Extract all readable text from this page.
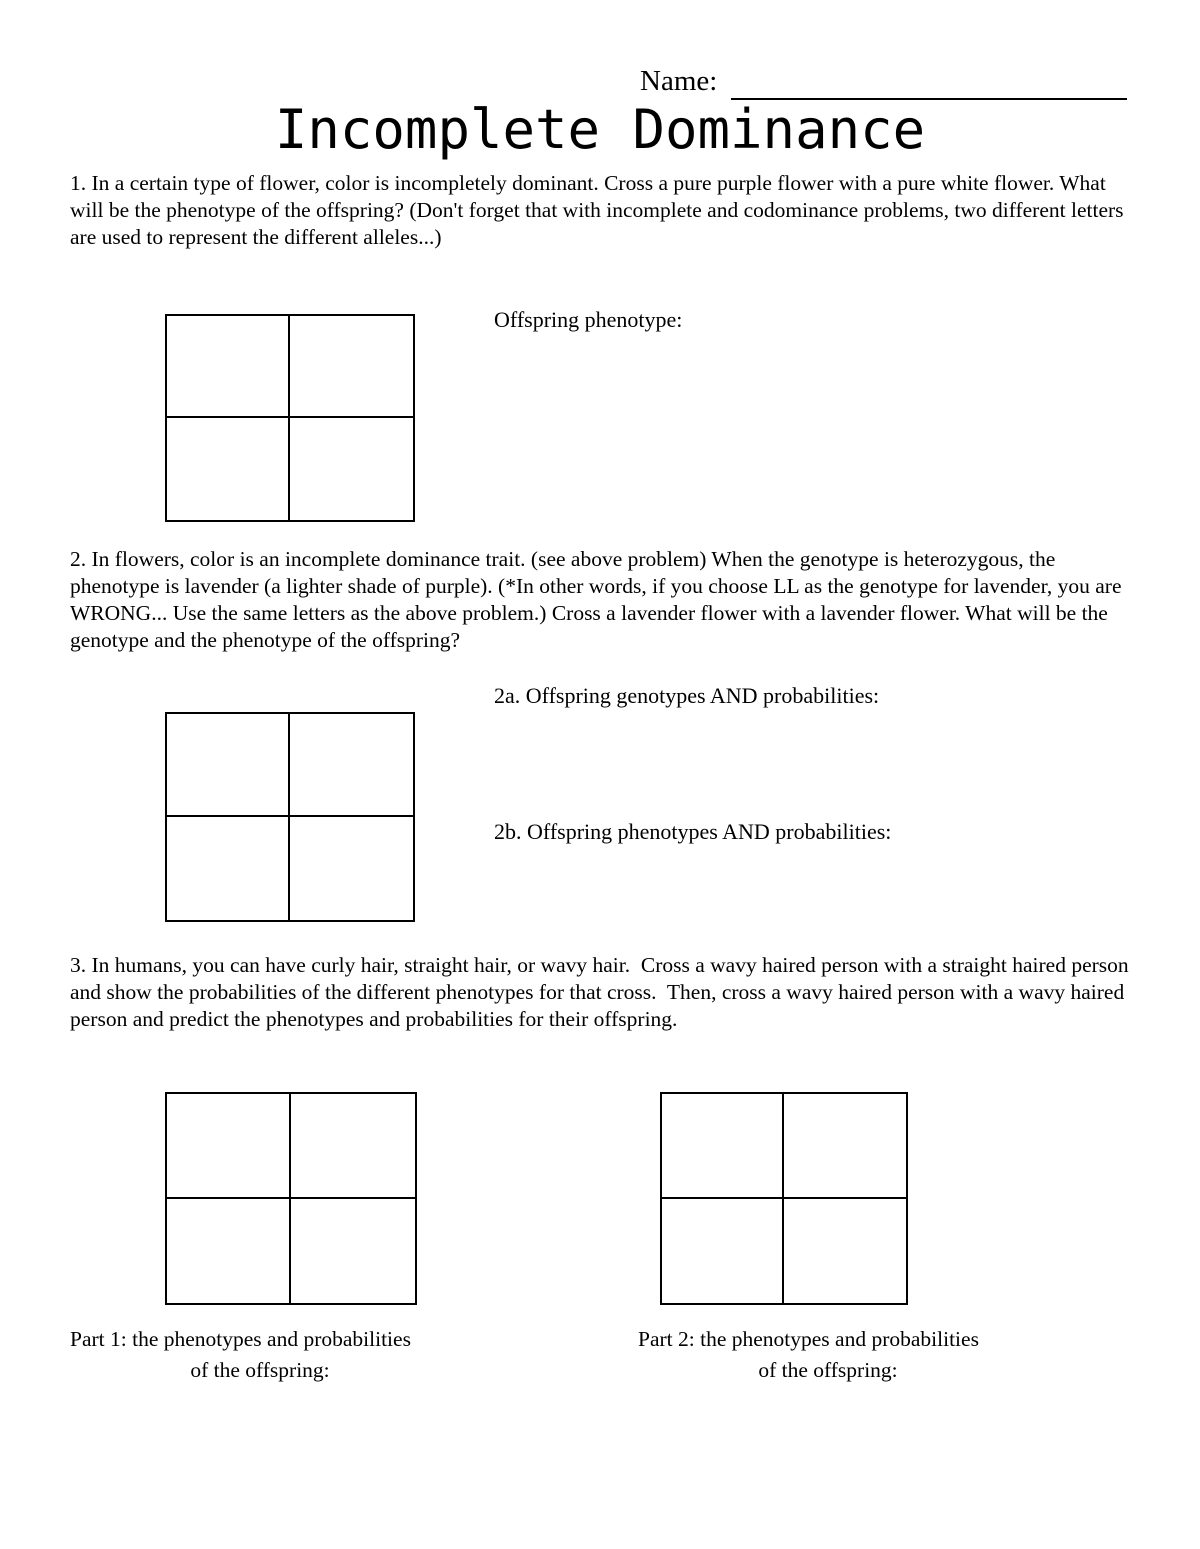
Name:
Incomplete Dominance
1. In a certain type of flower, color is incompletely dominant. Cross a pure purple flower with a pure white flower. What will be the phenotype of the offspring? (Don't forget that with incomplete and codominance problems, two different letters are used to represent the different alleles...)
Offspring phenotype:
2. In flowers, color is an incomplete dominance trait. (see above problem) When the genotype is heterozygous, the phenotype is lavender (a lighter shade of purple). (*In other words, if you choose LL as the genotype for lavender, you are WRONG... Use the same letters as the above problem.) Cross a lavender flower with a lavender flower. What will be the genotype and the phenotype of the offspring?
2a. Offspring genotypes AND probabilities:
2b. Offspring phenotypes AND probabilities:
3. In humans, you can have curly hair, straight hair, or wavy hair.  Cross a wavy haired person with a straight haired person and show the probabilities of the different phenotypes for that cross.  Then, cross a wavy haired person with a wavy haired person and predict the phenotypes and probabilities for their offspring.
Part 1: the phenotypes and probabilities
of the offspring:
Part 2: the phenotypes and probabilities
of the offspring:
